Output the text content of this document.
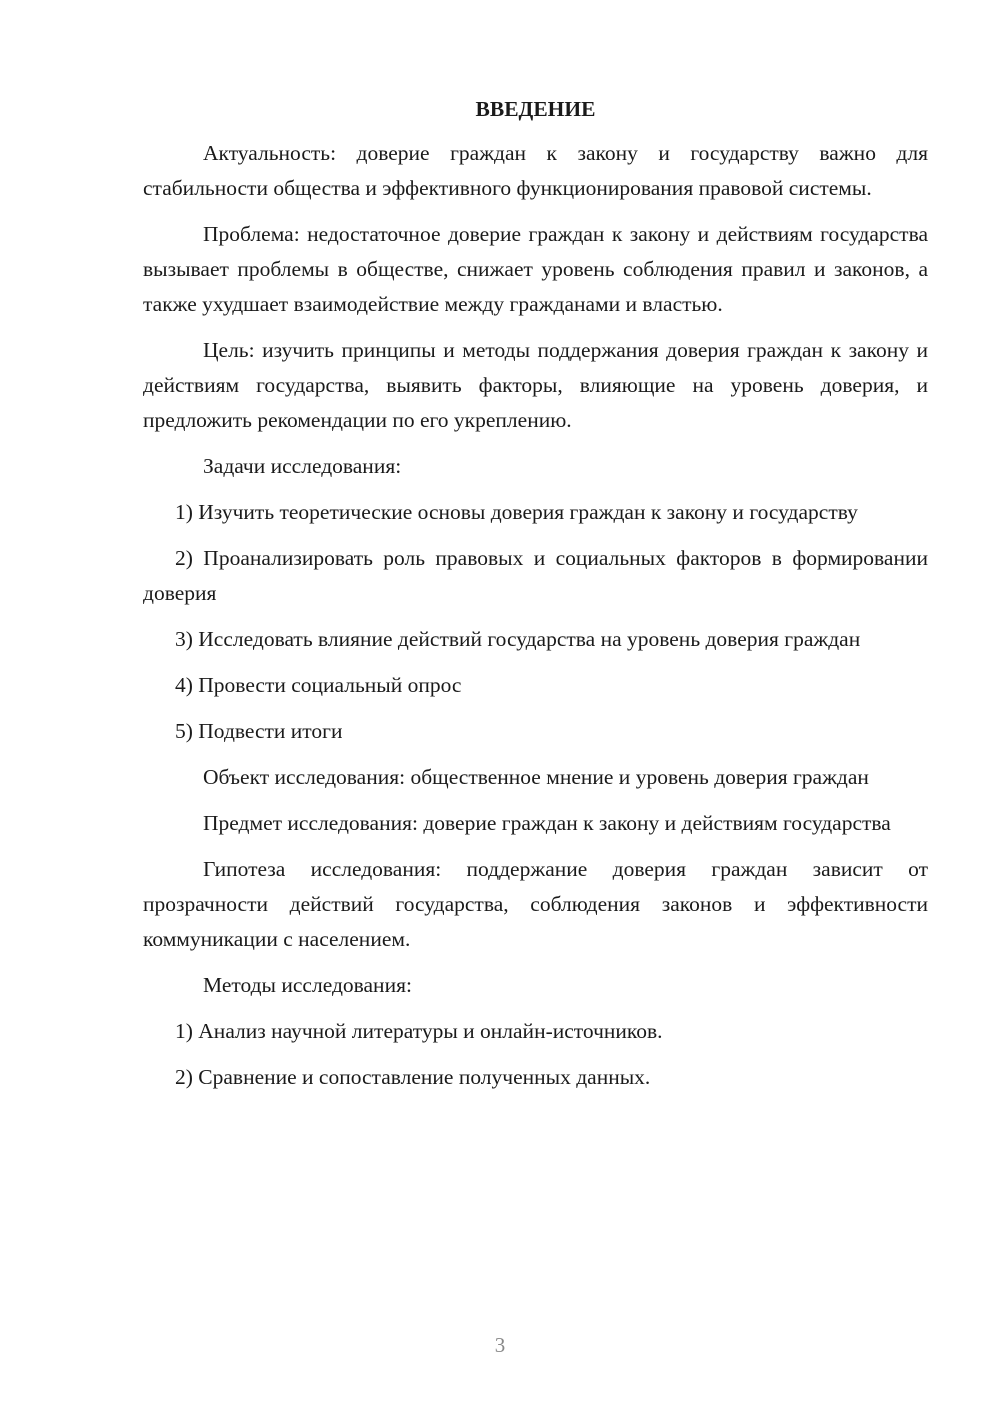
ВВЕДЕНИЕ

Актуальность: доверие граждан к закону и государству важно для стабильности общества и эффективного функционирования правовой системы.

Проблема: недостаточное доверие граждан к закону и действиям государства вызывает проблемы в обществе, снижает уровень соблюдения правил и законов, а также ухудшает взаимодействие между гражданами и властью.

Цель: изучить принципы и методы поддержания доверия граждан к закону и действиям государства, выявить факторы, влияющие на уровень доверия, и предложить рекомендации по его укреплению.

Задачи исследования:

1) Изучить теоретические основы доверия граждан к закону и государству

2) Проанализировать роль правовых и социальных факторов в формировании доверия

3) Исследовать влияние действий государства на уровень доверия граждан

4) Провести социальный опрос

5) Подвести итоги

Объект исследования: общественное мнение и уровень доверия граждан

Предмет исследования: доверие граждан к закону и действиям государства

Гипотеза исследования: поддержание доверия граждан зависит от прозрачности действий государства, соблюдения законов и эффективности коммуникации с населением.

Методы исследования:

1) Анализ научной литературы и онлайн-источников.

2) Сравнение и сопоставление полученных данных.

3
